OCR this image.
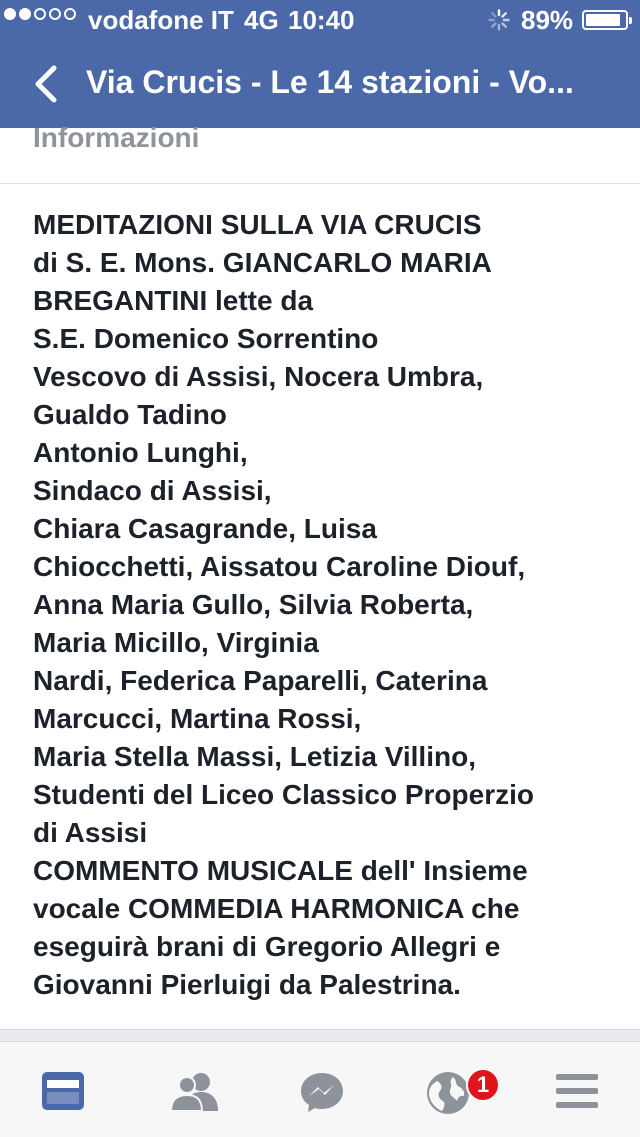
vodafone IT 4G 10:40	89%
Via Crucis - Le 14 stazioni - Vo...
Informazioni
MEDITAZIONI SULLA VIA CRUCIS
di S. E. Mons. GIANCARLO MARIA
BREGANTINI lette da
S.E. Domenico Sorrentino
Vescovo di Assisi, Nocera Umbra,
Gualdo Tadino
Antonio Lunghi,
Sindaco di Assisi,
Chiara Casagrande, Luisa
Chiocchetti, Aissatou Caroline Diouf,
Anna Maria Gullo, Silvia Roberta,
Maria Micillo, Virginia
Nardi, Federica Paparelli, Caterina
Marcucci, Martina Rossi,
Maria Stella Massi, Letizia Villino,
Studenti del Liceo Classico Properzio
di Assisi
COMMENTO MUSICALE dell' Insieme
vocale COMMEDIA HARMONICA che
eseguirà brani di Gregorio Allegri e
Giovanni Pierluigi da Palestrina.
1
